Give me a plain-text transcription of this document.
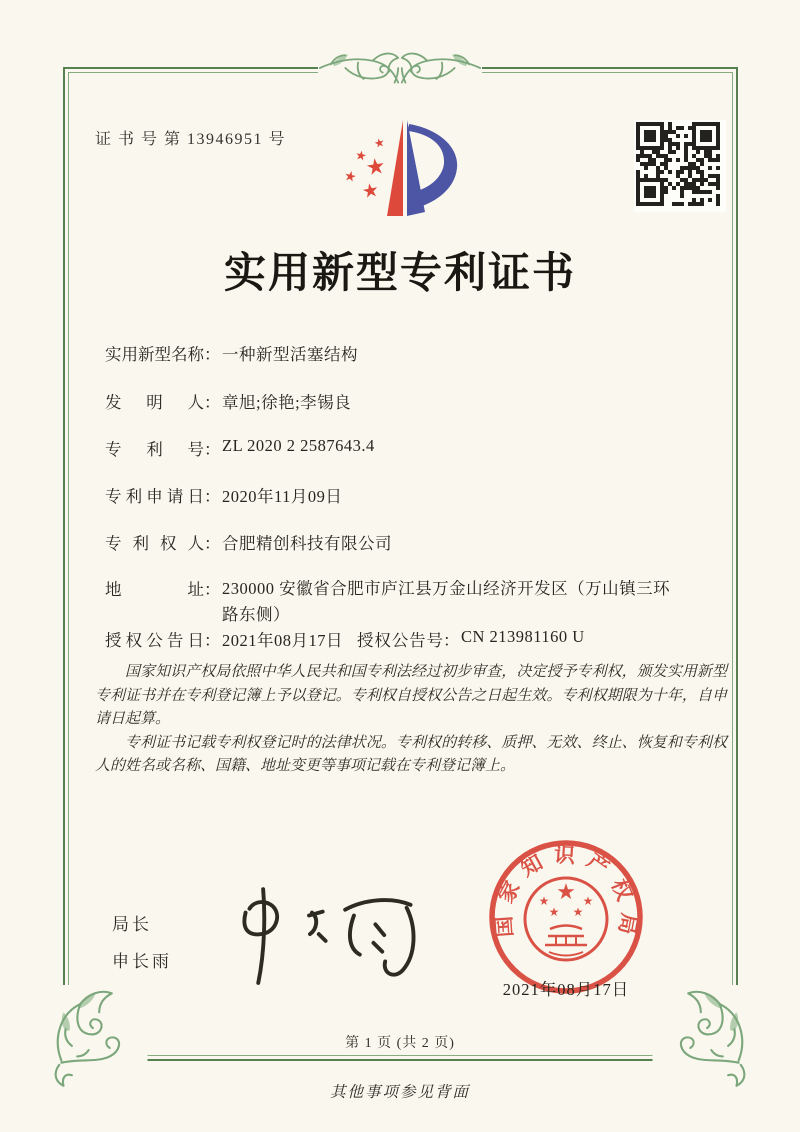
证 书 号 第 13946951 号	★
★
★
★
★
实用新型专利证书
实用新型名称：一种新型活塞结构
发明人：章旭;徐艳;李锡良
专利号：ZL 2020 2 2587643.4
专利申请日：2020年11月09日
专利权人：合肥精创科技有限公司
地址：230000 安徽省合肥市庐江县万金山经济开发区（万山镇三环路东侧）
授权公告日：2021年08月17日 授权公告号：CN 213981160 U

国家知识产权局依照中华人民共和国专利法经过初步审查，决定授予专利权，颁发实用新型专利证书并在专利登记簿上予以登记。专利权自授权公告之日起生效。专利权期限为十年，自申请日起算。

专利证书记载专利权登记时的法律状况。专利权的转移、质押、无效、终止、恢复和专利权人的姓名或名称、国籍、地址变更等事项记载在专利登记簿上。

局长
申长雨
国家知识产权局
★
★
★ ★
★
2021年08月17日
第 1 页 (共 2 页)
其他事项参见背面
